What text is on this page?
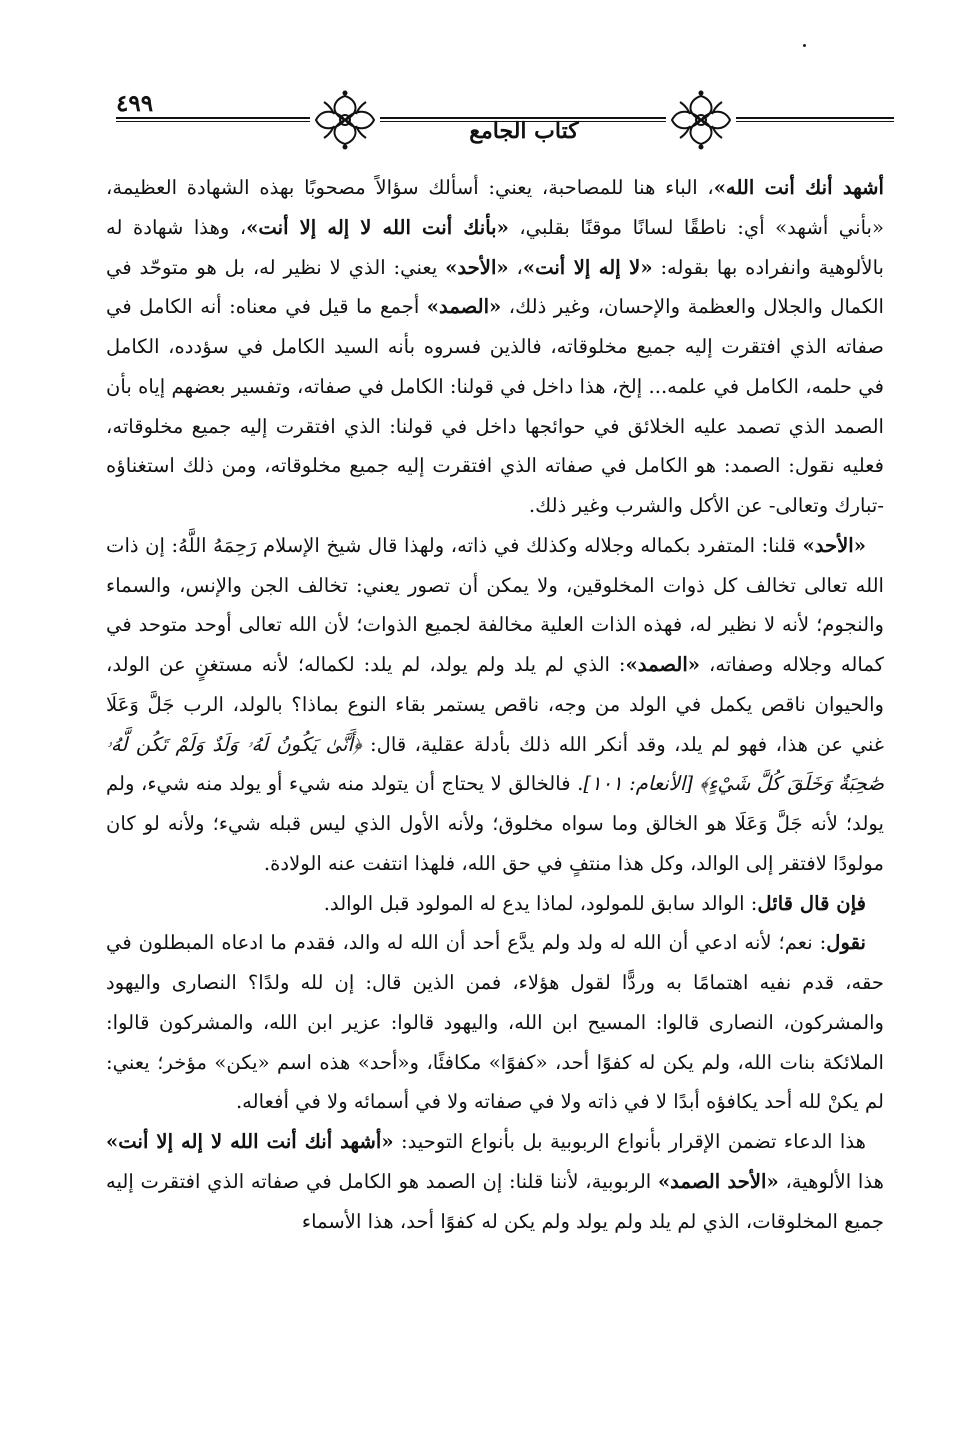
٤٩٩
كتاب الجامع

أشهد أنك أنت الله»، الباء هنا للمصاحبة، يعني: أسألك سؤالاً مصحوبًا بهذه الشهادة العظيمة، «بأني أشهد» أي: ناطقًا لسانًا موقنًا بقلبي، «بأنك أنت الله لا إله إلا أنت»، وهذا شهادة له بالألوهية وانفراده بها بقوله: «لا إله إلا أنت»، «الأحد» يعني: الذي لا نظير له، بل هو متوحّد في الكمال والجلال والعظمة والإحسان، وغير ذلك، «الصمد» أجمع ما قيل في معناه: أنه الكامل في صفاته الذي افتقرت إليه جميع مخلوقاته، فالذين فسروه بأنه السيد الكامل في سؤدده، الكامل في حلمه، الكامل في علمه... إلخ، هذا داخل في قولنا: الكامل في صفاته، وتفسير بعضهم إياه بأن الصمد الذي تصمد عليه الخلائق في حوائجها داخل في قولنا: الذي افتقرت إليه جميع مخلوقاته، فعليه نقول: الصمد: هو الكامل في صفاته الذي افتقرت إليه جميع مخلوقاته، ومن ذلك استغناؤه -تبارك وتعالى- عن الأكل والشرب وغير ذلك.

«الأحد» قلنا: المتفرد بكماله وجلاله وكذلك في ذاته، ولهذا قال شيخ الإسلام رَحِمَهُ اللَّهُ: إن ذات الله تعالى تخالف كل ذوات المخلوقين، ولا يمكن أن تصور يعني: تخالف الجن والإنس، والسماء والنجوم؛ لأنه لا نظير له، فهذه الذات العلية مخالفة لجميع الذوات؛ لأن الله تعالى أوحد متوحد في كماله وجلاله وصفاته، «الصمد»: الذي لم يلد ولم يولد، لم يلد: لكماله؛ لأنه مستغنٍ عن الولد، والحيوان ناقص يكمل في الولد من وجه، ناقص يستمر بقاء النوع بماذا؟ بالولد، الرب جَلَّ وَعَلَا غني عن هذا، فهو لم يلد، وقد أنكر الله ذلك بأدلة عقلية، قال: ﴿أَنَّىٰ يَكُونُ لَهُۥ وَلَدٌ وَلَمْ تَكُن لَّهُۥ صَٰحِبَةٌ وَخَلَقَ كُلَّ شَيْءٍ﴾ [الأنعام: ١٠١]. فالخالق لا يحتاج أن يتولد منه شيء أو يولد منه شيء، ولم يولد؛ لأنه جَلَّ وَعَلَا هو الخالق وما سواه مخلوق؛ ولأنه الأول الذي ليس قبله شيء؛ ولأنه لو كان مولودًا لافتقر إلى الوالد، وكل هذا منتفٍ في حق الله، فلهذا انتفت عنه الولادة.

فإن قال قائل: الوالد سابق للمولود، لماذا يدع له المولود قبل الوالد.

نقول: نعم؛ لأنه ادعي أن الله له ولد ولم يدَّع أحد أن الله له والد، فقدم ما ادعاه المبطلون في حقه، قدم نفيه اهتمامًا به وردًّا لقول هؤلاء، فمن الذين قال: إن لله ولدًا؟ النصارى واليهود والمشركون، النصارى قالوا: المسيح ابن الله، واليهود قالوا: عزير ابن الله، والمشركون قالوا: الملائكة بنات الله، ولم يكن له كفوًا أحد، «كفوًا» مكافئًا، و«أحد» هذه اسم «يكن» مؤخر؛ يعني: لم يكنْ لله أحد يكافؤه أبدًا لا في ذاته ولا في صفاته ولا في أسمائه ولا في أفعاله.

هذا الدعاء تضمن الإقرار بأنواع الربوبية بل بأنواع التوحيد: «أشهد أنك أنت الله لا إله إلا أنت» هذا الألوهية، «الأحد الصمد» الربوبية، لأننا قلنا: إن الصمد هو الكامل في صفاته الذي افتقرت إليه جميع المخلوقات، الذي لم يلد ولم يولد ولم يكن له كفوًا أحد، هذا الأسماء
